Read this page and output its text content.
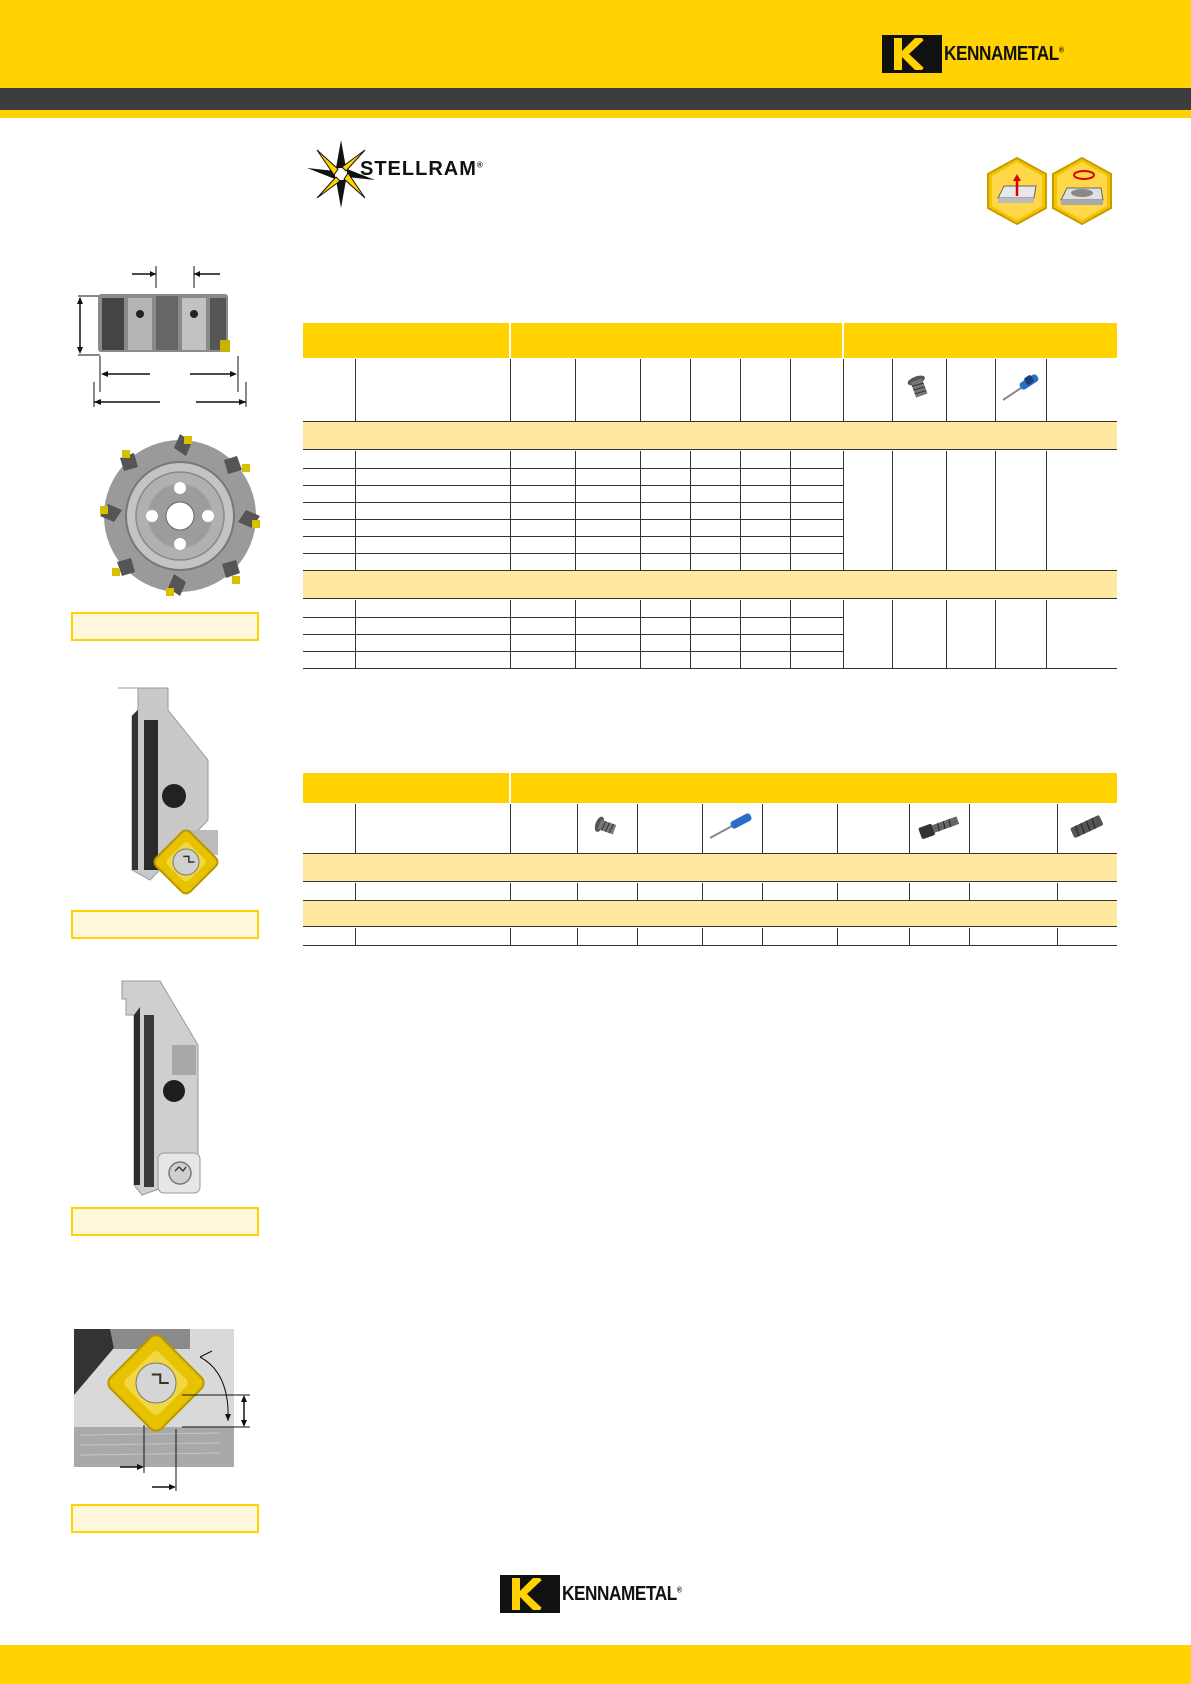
KENNAMETAL®
STELLRAM®

KENNAMETAL®
